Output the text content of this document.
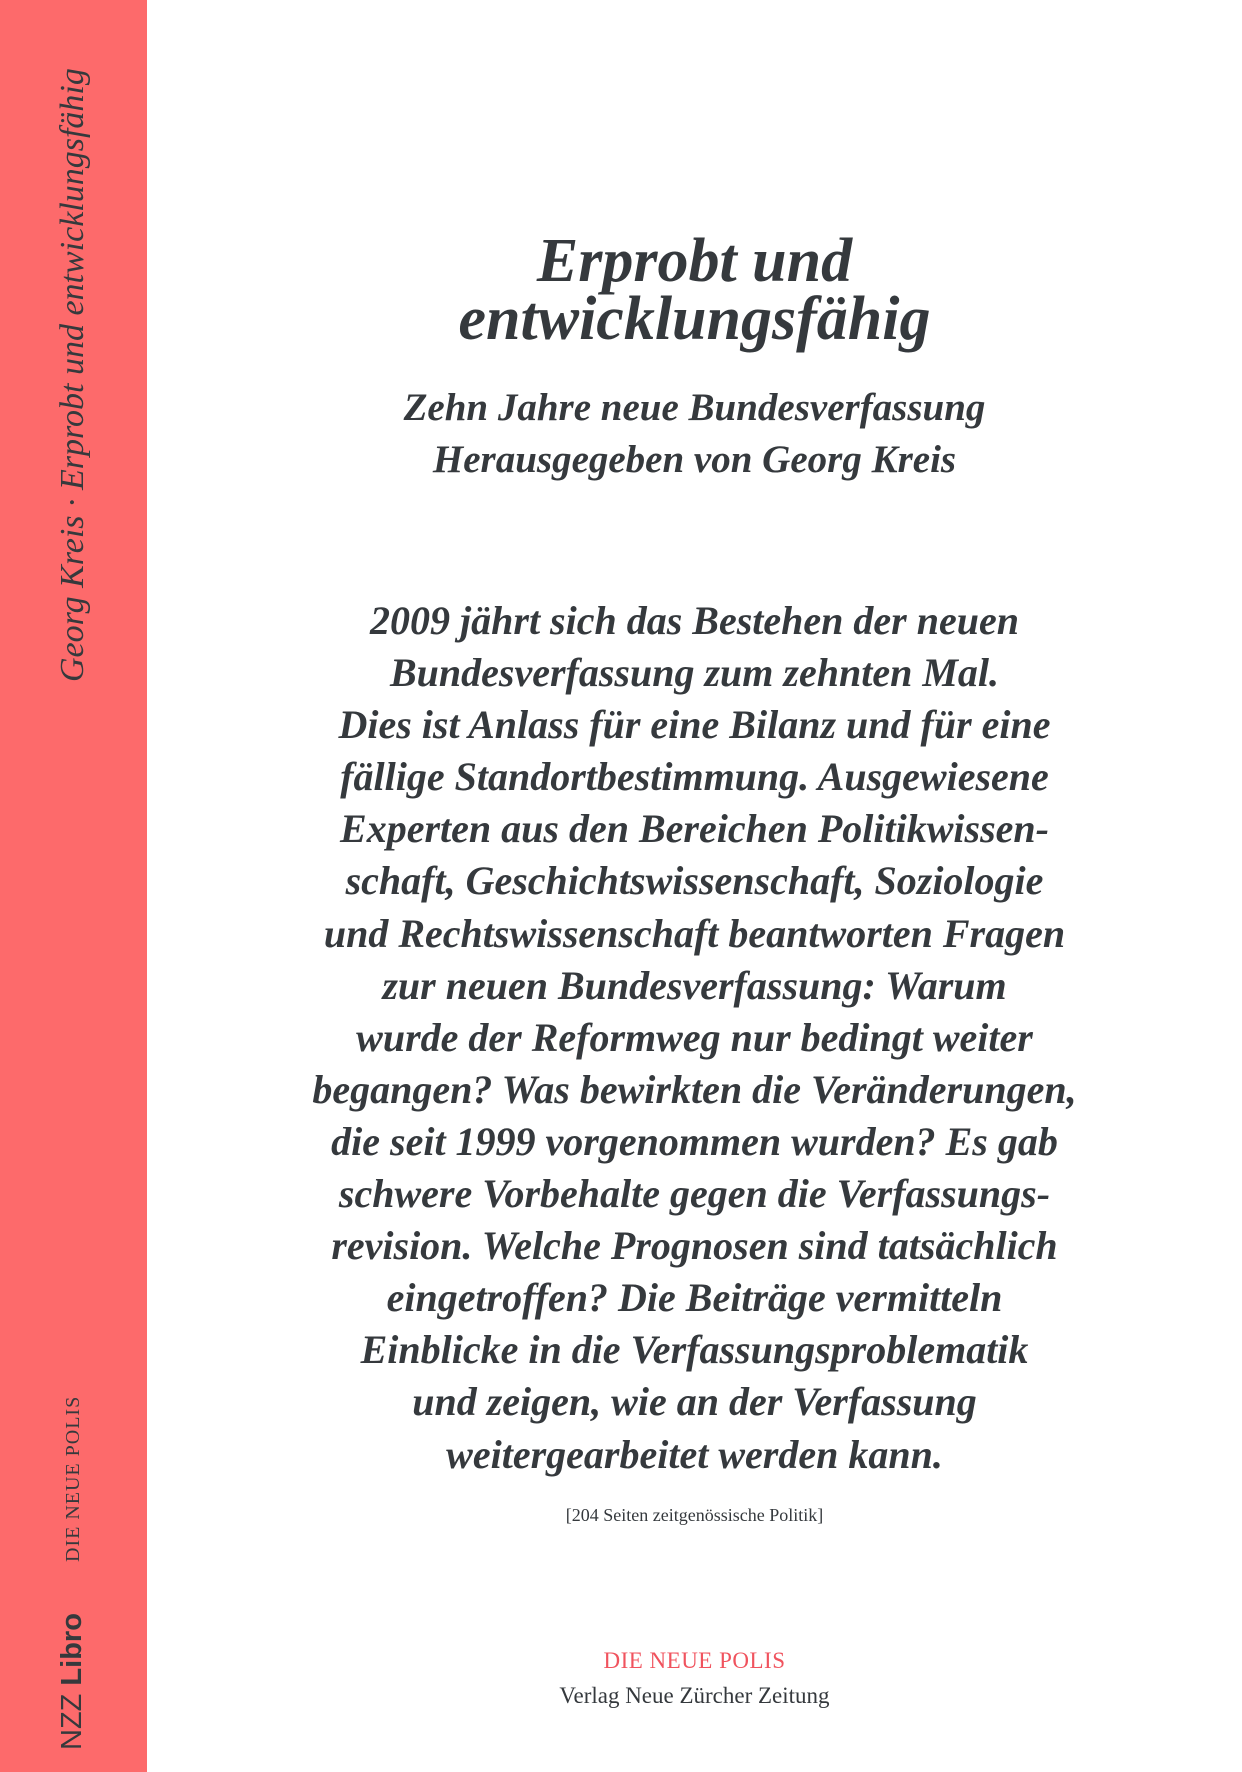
NZZ Libro
DIE NEUE POLIS
Georg Kreis · Erprobt und entwicklungsfähig	Erprobt und
entwicklungsfähig
Zehn Jahre neue Bundesverfassung
Herausgegeben von Georg Kreis
2009 jährt sich das Bestehen der neuen
Bundesverfassung zum zehnten Mal.
Dies ist Anlass für eine Bilanz und für eine
fällige Standortbestimmung. Ausgewiesene
Experten aus den Bereichen Politikwissen-
schaft, Geschichtswissenschaft, Soziologie
und Rechtswissenschaft beantworten Fragen
zur neuen Bundesverfassung: Warum
wurde der Reformweg nur bedingt weiter
begangen? Was bewirkten die Veränderungen,
die seit 1999 vorgenommen wurden? Es gab
schwere Vorbehalte gegen die Verfassungs-
revision. Welche Prognosen sind tatsächlich
eingetroffen? Die Beiträge vermitteln
Einblicke in die Verfassungsproblematik
und zeigen, wie an der Verfassung
weitergearbeitet werden kann.
[204 Seiten zeitgenössische Politik]
DIE NEUE POLIS
Verlag Neue Zürcher Zeitung
